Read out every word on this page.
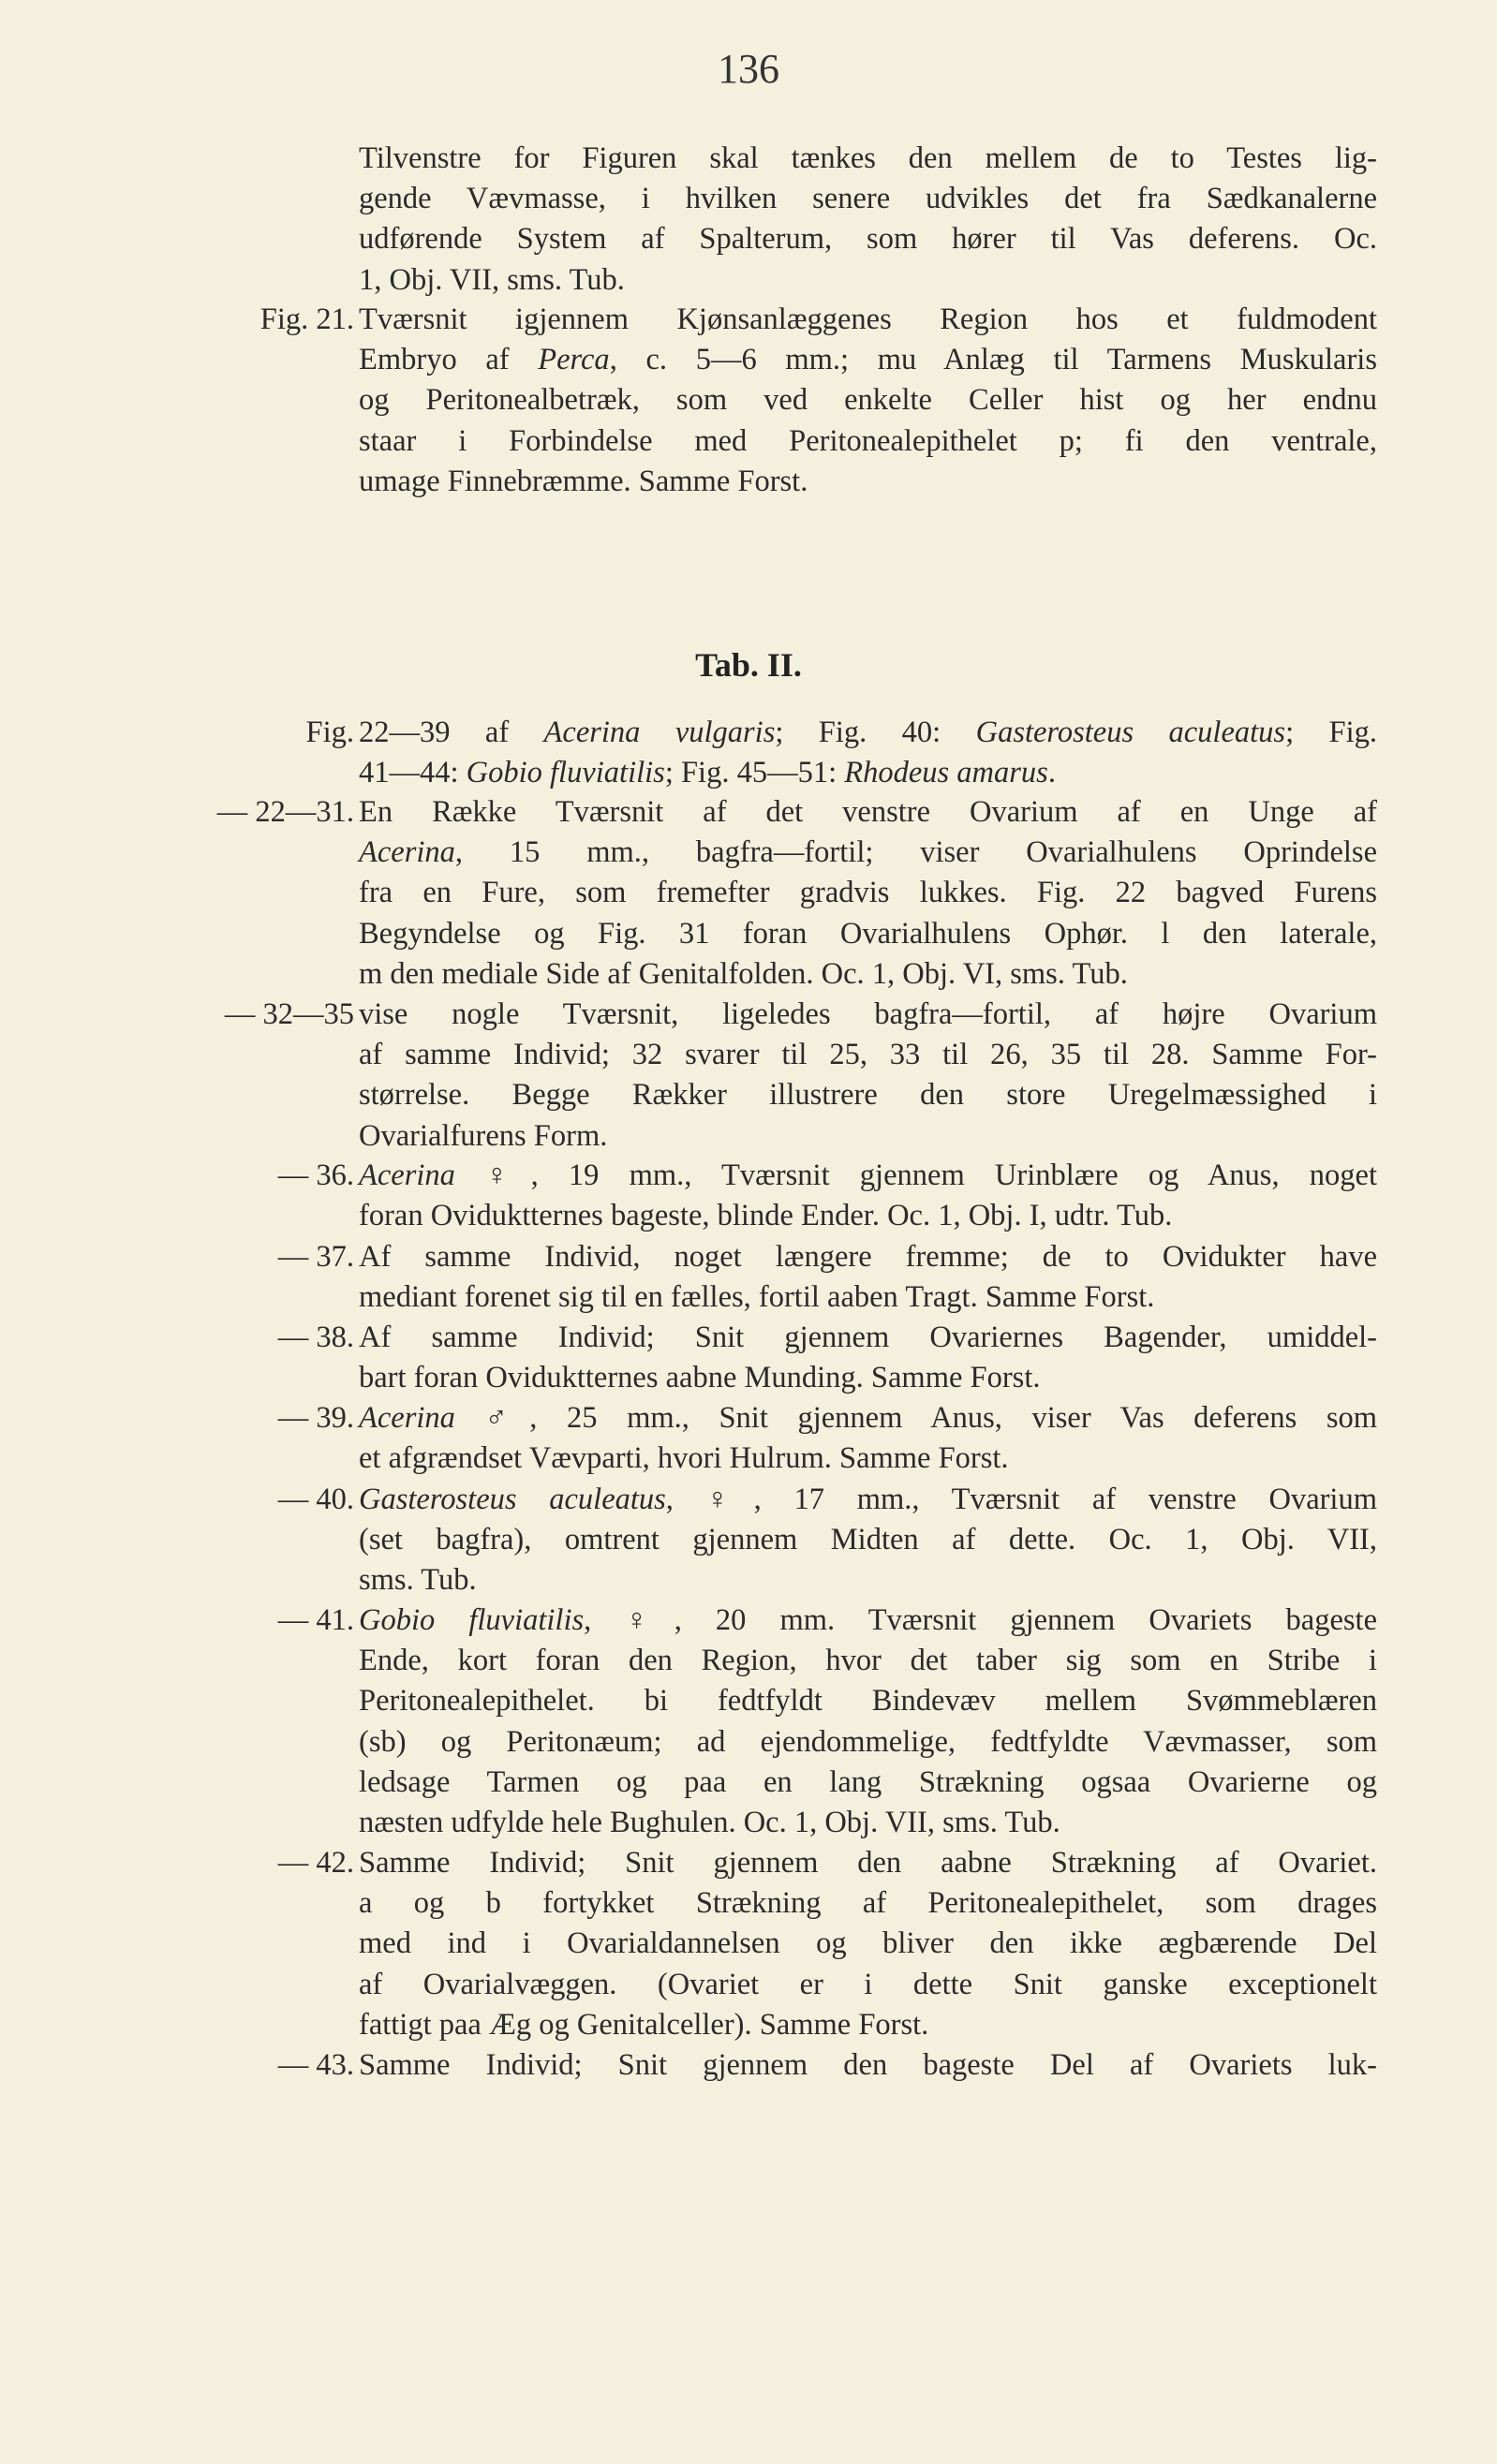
136
Tab. II.
Tilvenstre for Figuren skal tænkes den mellem de to Testes lig-
gende Vævmasse, i hvilken senere udvikles det fra Sædkanalerne
udførende System af Spalterum, som hører til Vas deferens. Oc.
1, Obj. VII, sms. Tub.
Fig. 21. Tværsnit igjennem Kjønsanlæggenes Region hos et fuldmodent
Embryo af Perca, c. 5—6 mm.; mu Anlæg til Tarmens Muskularis
og Peritonealbetræk, som ved enkelte Celler hist og her endnu
staar i Forbindelse med Peritonealepithelet p; fi den ventrale,
umage Finnebræmme. Samme Forst.
Fig. 22—39 af Acerina vulgaris; Fig. 40: Gasterosteus aculeatus; Fig.
41—44: Gobio fluviatilis; Fig. 45—51: Rhodeus amarus.
— 22—31. En Række Tværsnit af det venstre Ovarium af en Unge af
Acerina, 15 mm., bagfra—fortil; viser Ovarialhulens Oprindelse
fra en Fure, som fremefter gradvis lukkes. Fig. 22 bagved Furens
Begyndelse og Fig. 31 foran Ovarialhulens Ophør. l den laterale,
m den mediale Side af Genitalfolden. Oc. 1, Obj. VI, sms. Tub.
— 32—35 vise nogle Tværsnit, ligeledes bagfra—fortil, af højre Ovarium
af samme Individ; 32 svarer til 25, 33 til 26, 35 til 28. Samme For-
størrelse. Begge Rækker illustrere den store Uregelmæssighed i
Ovarialfurens Form.
— 36. Acerina ♀, 19 mm., Tværsnit gjennem Urinblære og Anus, noget
foran Oviduktternes bageste, blinde Ender. Oc. 1, Obj. I, udtr. Tub.
— 37. Af samme Individ, noget længere fremme; de to Ovidukter have
mediant forenet sig til en fælles, fortil aaben Tragt. Samme Forst.
— 38. Af samme Individ; Snit gjennem Ovariernes Bagender, umiddel-
bart foran Oviduktternes aabne Munding. Samme Forst.
— 39. Acerina ♂, 25 mm., Snit gjennem Anus, viser Vas deferens som
et afgrændset Vævparti, hvori Hulrum. Samme Forst.
— 40. Gasterosteus aculeatus, ♀, 17 mm., Tværsnit af venstre Ovarium
(set bagfra), omtrent gjennem Midten af dette. Oc. 1, Obj. VII,
sms. Tub.
— 41. Gobio fluviatilis, ♀, 20 mm. Tværsnit gjennem Ovariets bageste
Ende, kort foran den Region, hvor det taber sig som en Stribe i
Peritonealepithelet. bi fedtfyldt Bindevæv mellem Svømmeblæren
(sb) og Peritonæum; ad ejendommelige, fedtfyldte Vævmasser, som
ledsage Tarmen og paa en lang Strækning ogsaa Ovarierne og
næsten udfylde hele Bughulen. Oc. 1, Obj. VII, sms. Tub.
— 42. Samme Individ; Snit gjennem den aabne Strækning af Ovariet.
a og b fortykket Strækning af Peritonealepithelet, som drages
med ind i Ovarialdannelsen og bliver den ikke ægbærende Del
af Ovarialvæggen. (Ovariet er i dette Snit ganske exceptionelt
fattigt paa Æg og Genitalceller). Samme Forst.
— 43. Samme Individ; Snit gjennem den bageste Del af Ovariets luk-
